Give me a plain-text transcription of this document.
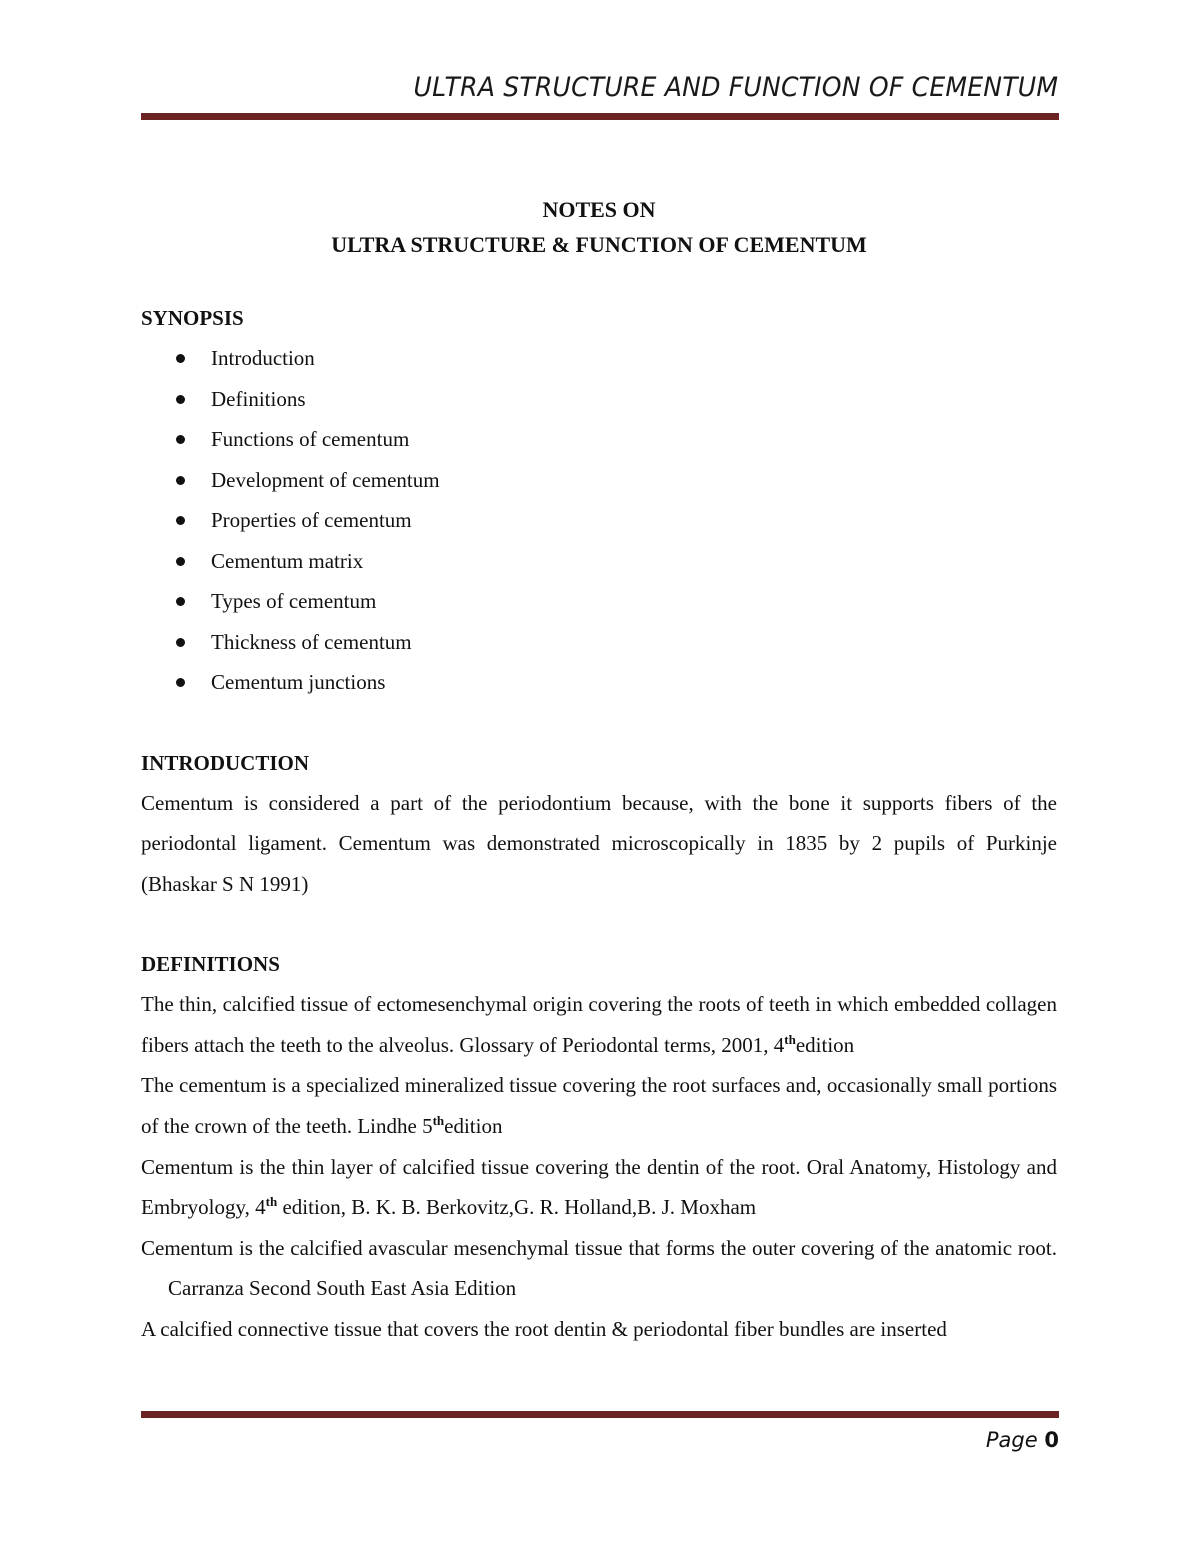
ULTRA STRUCTURE AND FUNCTION OF CEMENTUM

NOTES ON

ULTRA STRUCTURE & FUNCTION OF CEMENTUM

SYNOPSIS

Introduction
Definitions
Functions of cementum
Development of cementum
Properties of cementum
Cementum matrix
Types of cementum
Thickness of cementum
Cementum junctions

INTRODUCTION

Cementum is considered a part of the periodontium because, with the bone it supports fibers of the periodontal ligament. Cementum was demonstrated microscopically in 1835 by 2 pupils of Purkinje (Bhaskar S N 1991)

DEFINITIONS

The thin, calcified tissue of ectomesenchymal origin covering the roots of teeth in which embedded collagen fibers attach the teeth to the alveolus. Glossary of Periodontal terms, 2001, 4thedition

The cementum is a specialized mineralized tissue covering the root surfaces and, occasionally small portions of the crown of the teeth. Lindhe 5thedition

Cementum is the thin layer of calcified tissue covering the dentin of the root. Oral Anatomy, Histology and Embryology, 4th edition, B. K. B. Berkovitz,G. R. Holland,B. J. Moxham

Cementum is the calcified avascular mesenchymal tissue that forms the outer covering of the anatomic root. Carranza Second South East Asia Edition

A calcified connective tissue that covers the root dentin & periodontal fiber bundles are inserted

Page 0
